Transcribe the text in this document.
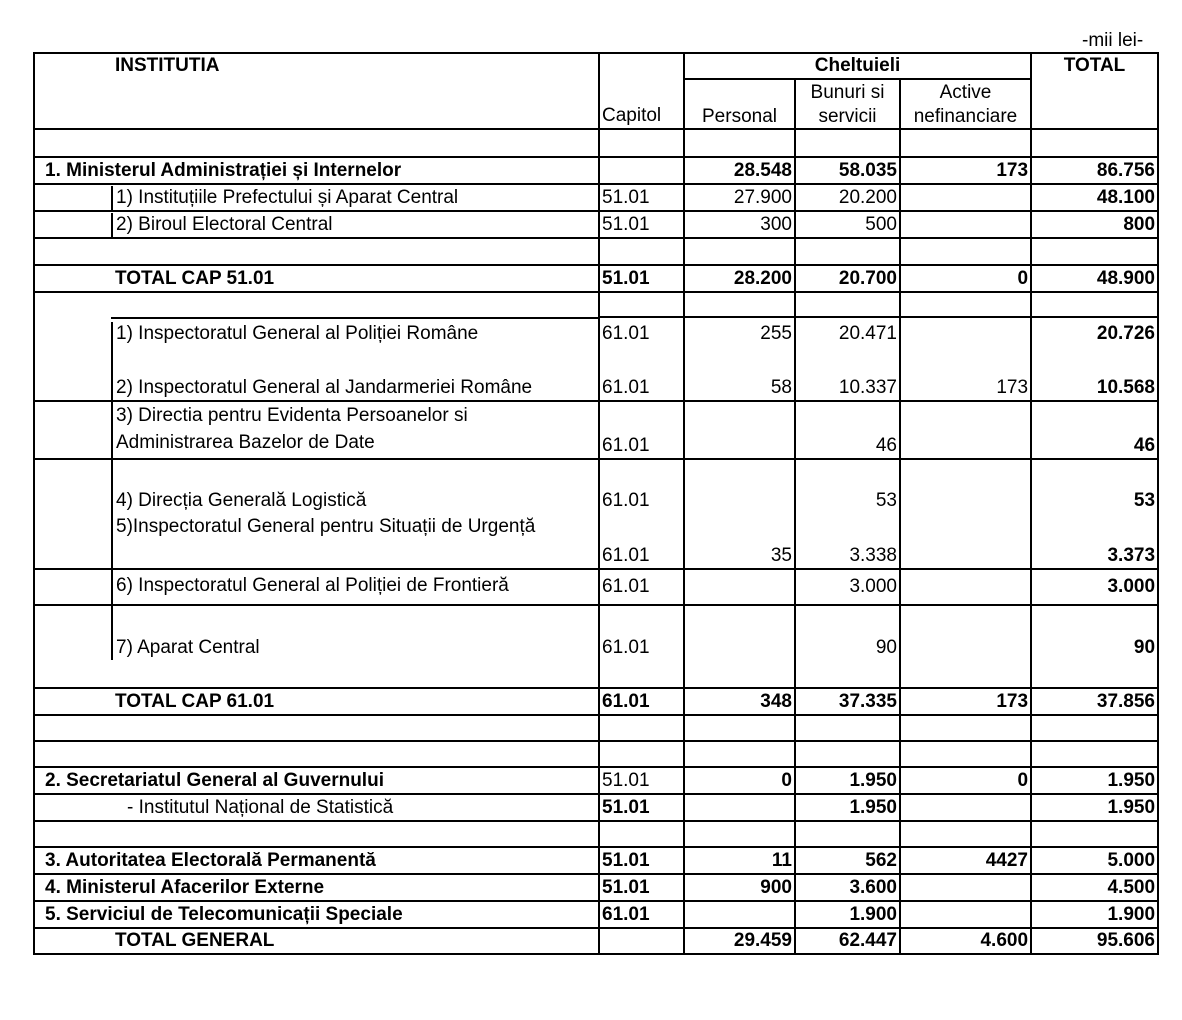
-mii lei-
INSTITUTIA	Capitol	Cheltuieli			TOTAL
		Personal	Bunuri si servicii	Active nefinanciare	

1. Ministerul Administrației și Internelor		28.548	58.035	173	86.756

1) Instituțiile Prefectului și Aparat Central	51.01	27.900	20.200		48.100

2) Biroul Electoral Central	51.01	300	500		800

TOTAL CAP 51.01	51.01	28.200	20.700	0	48.900

1) Inspectoratul General al Poliției Române	61.01	255	20.471		20.726

2) Inspectoratul General al Jandarmeriei Române	61.01	58	10.337	173	10.568

3) Directia pentru Evidenta Persoanelor si Administrarea Bazelor de Date	61.01		46		46

4) Direcția Generală Logistică	61.01		53		53

5)Inspectoratul General pentru Situații de Urgență	61.01	35	3.338		3.373

6) Inspectoratul General al Poliției de Frontieră	61.01		3.000		3.000

7) Aparat Central	61.01		90		90

TOTAL CAP 61.01	61.01	348	37.335	173	37.856

2. Secretariatul General al Guvernului	51.01	0	1.950	0	1.950
- Institutul Național de Statistică	51.01		1.950		1.950

3. Autoritatea Electorală Permanentă	51.01	11	562	4427	5.000
4. Ministerul Afacerilor Externe	51.01	900	3.600		4.500
5. Serviciul de Telecomunicații Speciale	61.01		1.900		1.900
TOTAL GENERAL		29.459	62.447	4.600	95.606
